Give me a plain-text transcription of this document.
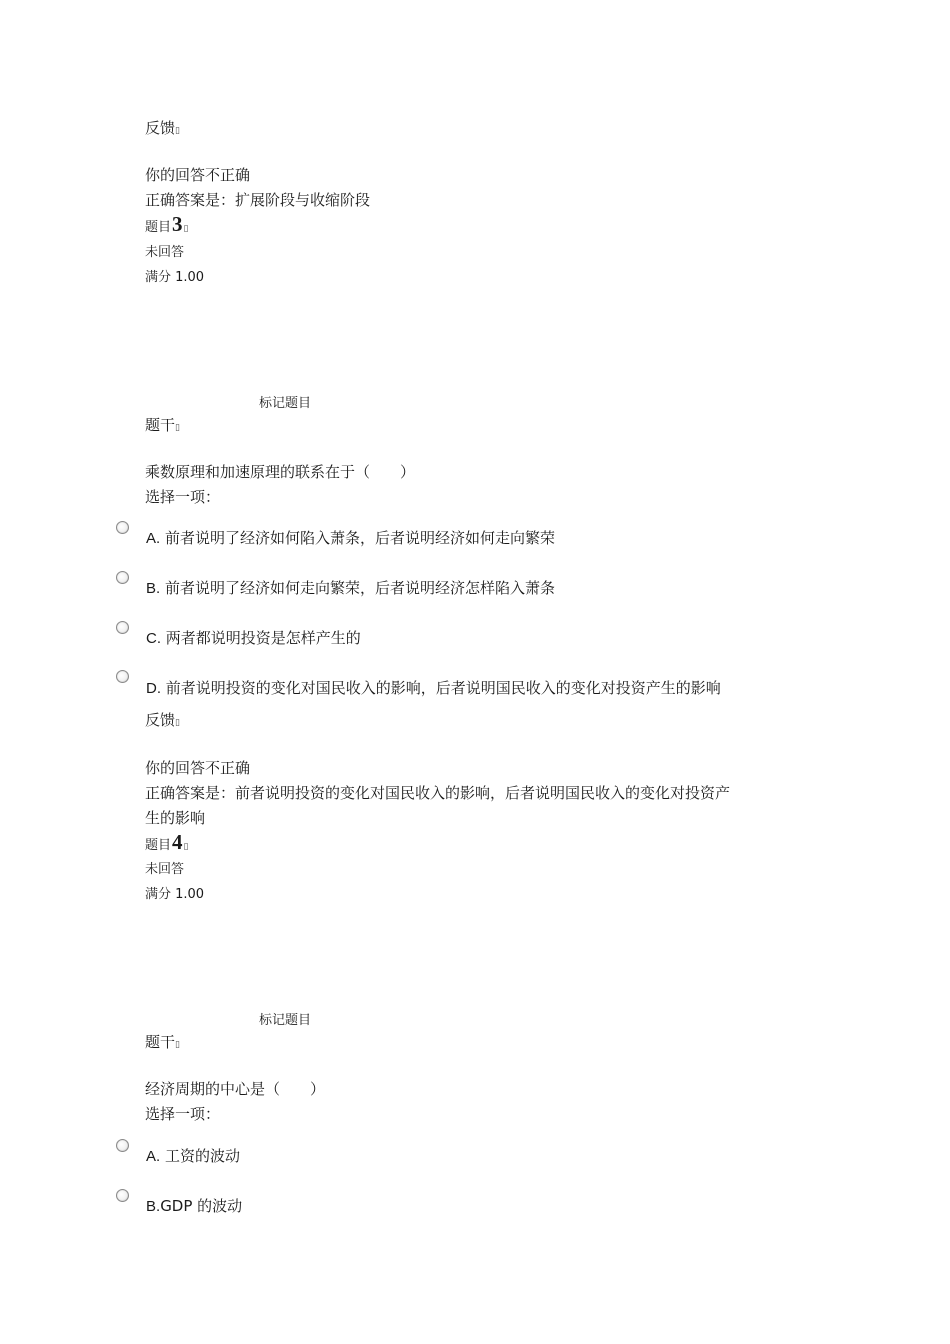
反馈▯
你的回答不正确
正确答案是：扩展阶段与收缩阶段
题目3▯
未回答
满分 1.00
标记题目
题干▯
乘数原理和加速原理的联系在于（　　）
选择一项：
A. 前者说明了经济如何陷入萧条，后者说明经济如何走向繁荣
B. 前者说明了经济如何走向繁荣，后者说明经济怎样陷入萧条
C. 两者都说明投资是怎样产生的
D. 前者说明投资的变化对国民收入的影响，后者说明国民收入的变化对投资产生的影响
反馈▯
你的回答不正确
正确答案是：前者说明投资的变化对国民收入的影响，后者说明国民收入的变化对投资产
生的影响
题目4▯
未回答
满分 1.00
标记题目
题干▯
经济周期的中心是（　　）
选择一项：
A. 工资的波动
B.GDP 的波动
